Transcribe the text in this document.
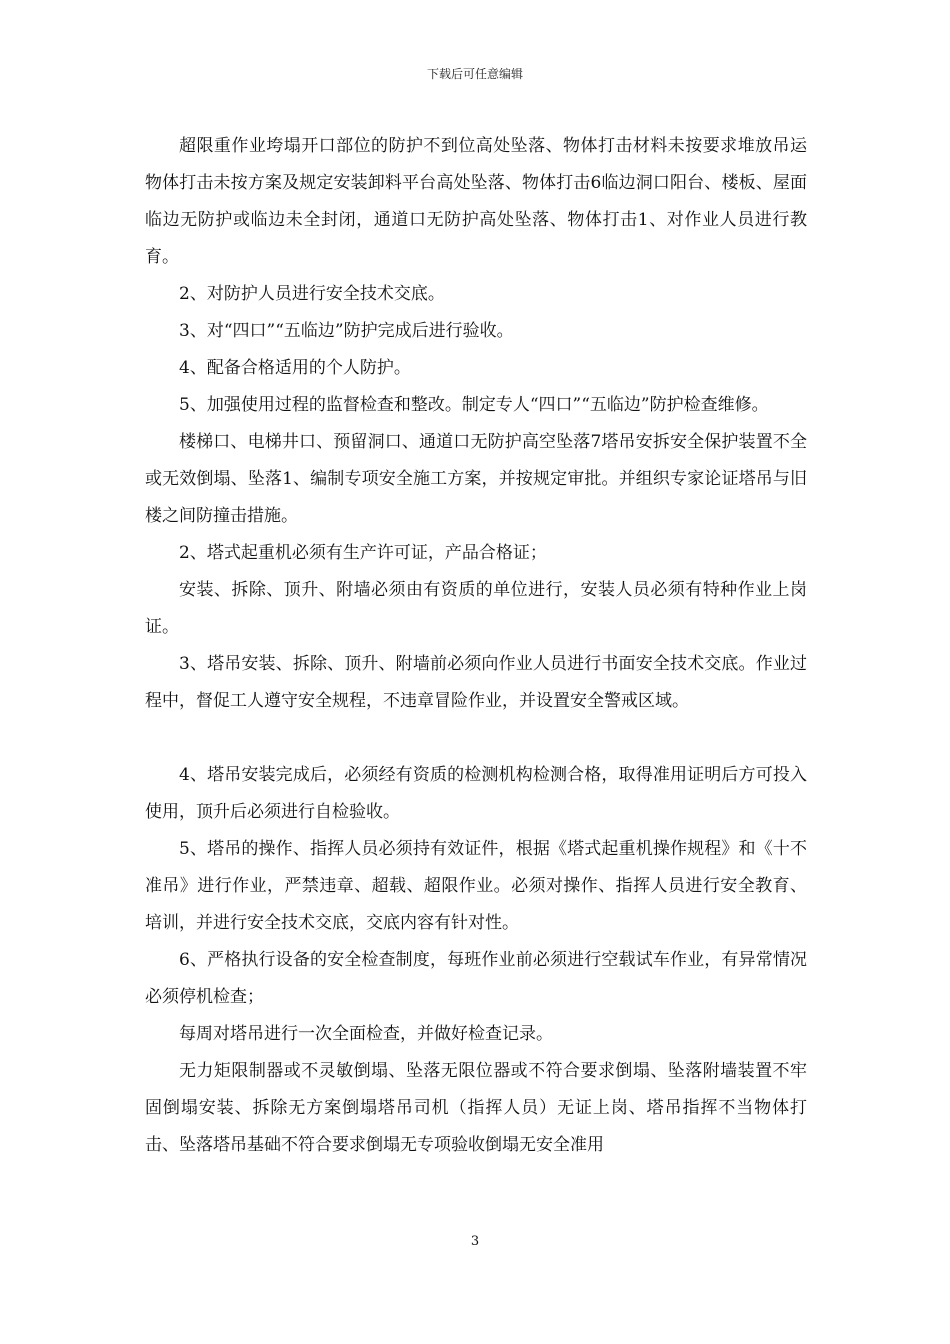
下载后可任意编辑

超限重作业垮塌开口部位的防护不到位高处坠落、物体打击材料未按要求堆放吊运物体打击未按方案及规定安装卸料平台高处坠落、物体打击6临边洞口阳台、楼板、屋面临边无防护或临边未全封闭，通道口无防护高处坠落、物体打击1、对作业人员进行教育。

2、对防护人员进行安全技术交底。

3、对“四口”“五临边”防护完成后进行验收。

4、配备合格适用的个人防护。

5、加强使用过程的监督检查和整改。制定专人“四口”“五临边”防护检查维修。

楼梯口、电梯井口、预留洞口、通道口无防护高空坠落7塔吊安拆安全保护装置不全或无效倒塌、坠落1、编制专项安全施工方案，并按规定审批。并组织专家论证塔吊与旧楼之间防撞击措施。

2、塔式起重机必须有生产许可证，产品合格证；

安装、拆除、顶升、附墙必须由有资质的单位进行，安装人员必须有特种作业上岗证。

3、塔吊安装、拆除、顶升、附墙前必须向作业人员进行书面安全技术交底。作业过程中，督促工人遵守安全规程，不违章冒险作业，并设置安全警戒区域。

4、塔吊安装完成后，必须经有资质的检测机构检测合格，取得准用证明后方可投入使用，顶升后必须进行自检验收。

5、塔吊的操作、指挥人员必须持有效证件，根据《塔式起重机操作规程》和《十不准吊》进行作业，严禁违章、超载、超限作业。必须对操作、指挥人员进行安全教育、培训，并进行安全技术交底，交底内容有针对性。

6、严格执行设备的安全检查制度，每班作业前必须进行空载试车作业，有异常情况必须停机检查；

每周对塔吊进行一次全面检查，并做好检查记录。

无力矩限制器或不灵敏倒塌、坠落无限位器或不符合要求倒塌、坠落附墙装置不牢固倒塌安装、拆除无方案倒塌塔吊司机（指挥人员）无证上岗、塔吊指挥不当物体打击、坠落塔吊基础不符合要求倒塌无专项验收倒塌无安全准用

3
